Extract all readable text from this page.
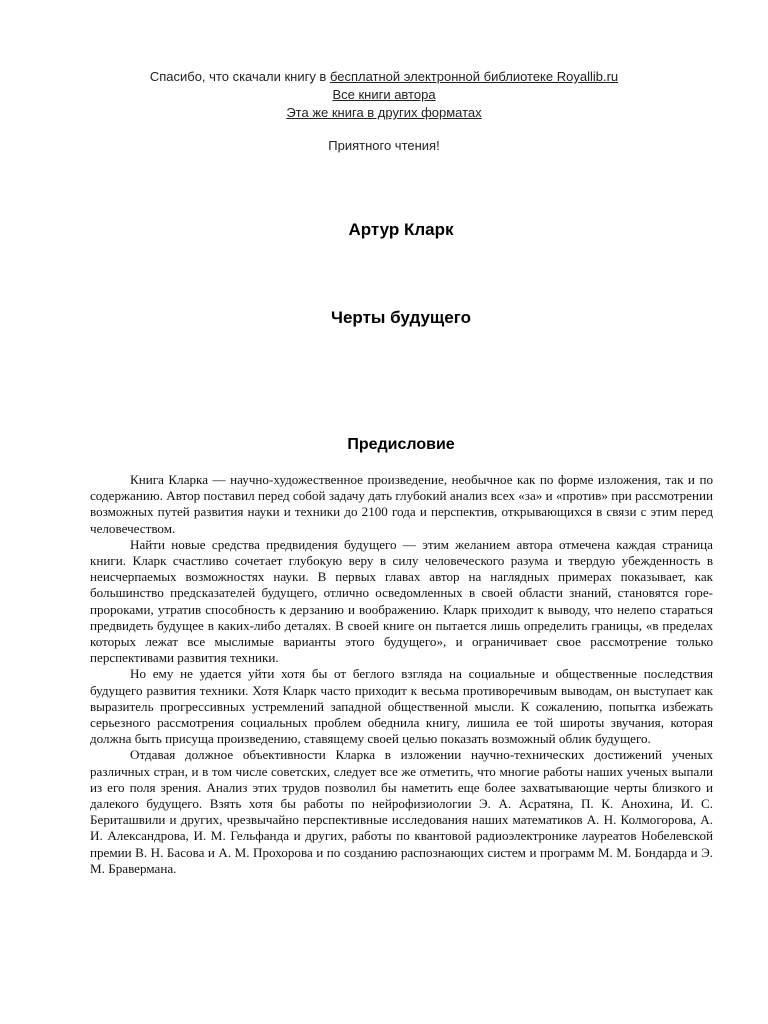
Спасибо, что скачали книгу в бесплатной электронной библиотеке Royallib.ru
Все книги автора
Эта же книга в других форматах
Приятного чтения!
Артур Кларк
Черты будущего
Предисловие

Книга Кларка — научно-художественное произведение, необычное как по форме изложения, так и по содержанию. Автор поставил перед собой задачу дать глубокий анализ всех «за» и «против» при рассмотрении возможных путей развития науки и техники до 2100 года и перспектив, открывающихся в связи с этим перед человечеством.

Найти новые средства предвидения будущего — этим желанием автора отмечена каждая страница книги. Кларк счастливо сочетает глубокую веру в силу человеческого разума и твердую убежденность в неисчерпаемых возможностях науки. В первых главах автор на наглядных примерах показывает, как большинство предсказателей будущего, отлично осведомленных в своей области знаний, становятся горе-пророками, утратив способность к дерзанию и воображению. Кларк приходит к выводу, что нелепо стараться предвидеть будущее в каких-либо деталях. В своей книге он пытается лишь определить границы, «в пределах которых лежат все мыслимые варианты этого будущего», и ограничивает свое рассмотрение только перспективами развития техники.

Но ему не удается уйти хотя бы от беглого взгляда на социальные и общественные последствия будущего развития техники. Хотя Кларк часто приходит к весьма противоречивым выводам, он выступает как выразитель прогрессивных устремлений западной общественной мысли. К сожалению, попытка избежать серьезного рассмотрения социальных проблем обеднила книгу, лишила ее той широты звучания, которая должна быть присуща произведению, ставящему своей целью показать возможный облик будущего.

Отдавая должное объективности Кларка в изложении научно-технических достижений ученых различных стран, и в том числе советских, следует все же отметить, что многие работы наших ученых выпали из его поля зрения. Анализ этих трудов позволил бы наметить еще более захватывающие черты близкого и далекого будущего. Взять хотя бы работы по нейрофизиологии Э. А. Асратяна, П. К. Анохина, И. С. Бериташвили и других, чрезвычайно перспективные исследования наших математиков А. Н. Колмогорова, А. И. Александрова, И. М. Гельфанда и других, работы по квантовой радиоэлектронике лауреатов Нобелевской премии В. Н. Басова и А. М. Прохорова и по созданию распознающих систем и программ М. М. Бондарда и Э. М. Бравермана.
